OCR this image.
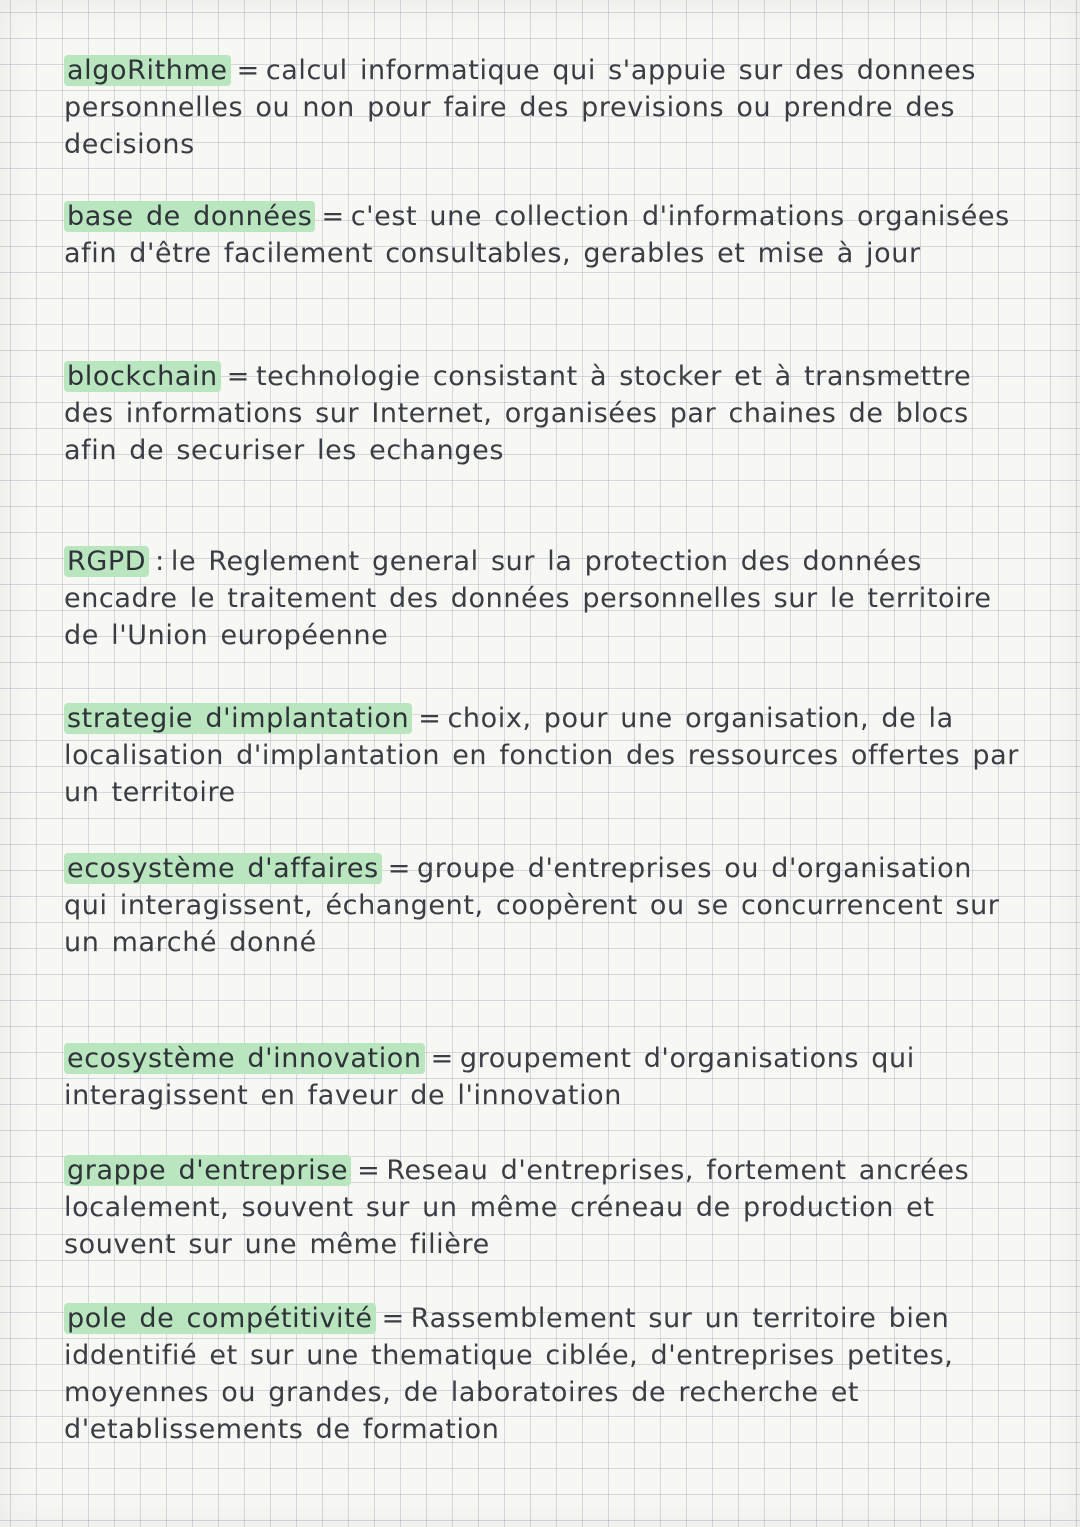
algoRithme = calcul informatique qui s'appuie sur des donnees personnelles ou non pour faire des previsions ou prendre des decisions

base de données = c'est une collection d'informations organisées afin d'être facilement consultables, gerables et mise à jour

blockchain = technologie consistant à stocker et à transmettre des informations sur Internet, organisées par chaines de blocs afin de securiser les echanges

RGPD : le Reglement general sur la protection des données encadre le traitement des données personnelles sur le territoire de l'Union européenne

strategie d'implantation = choix, pour une organisation, de la localisation d'implantation en fonction des ressources offertes par un territoire

ecosystème d'affaires = groupe d'entreprises ou d'organisation qui interagissent, échangent, coopèrent ou se concurrencent sur un marché donné

ecosystème d'innovation = groupement d'organisations qui interagissent en faveur de l'innovation

grappe d'entreprise = Reseau d'entreprises, fortement ancrées localement, souvent sur un même créneau de production et souvent sur une même filière

pole de compétitivité = Rassemblement sur un territoire bien iddentifié et sur une thematique ciblée, d'entreprises petites, moyennes ou grandes, de laboratoires de recherche et d'etablissements de formation
